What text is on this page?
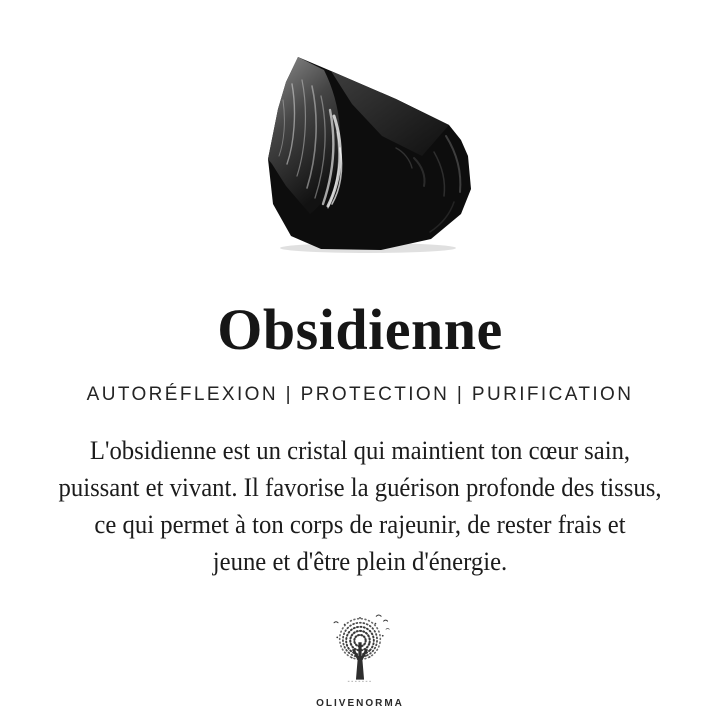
Obsidienne
AUTORÉFLEXION | PROTECTION | PURIFICATION
L'obsidienne est un cristal qui maintient ton cœur sain,
puissant et vivant. Il favorise la guérison profonde des tissus,
ce qui permet à ton corps de rajeunir, de rester frais et
jeune et d'être plein d'énergie.
OLIVENORMA
